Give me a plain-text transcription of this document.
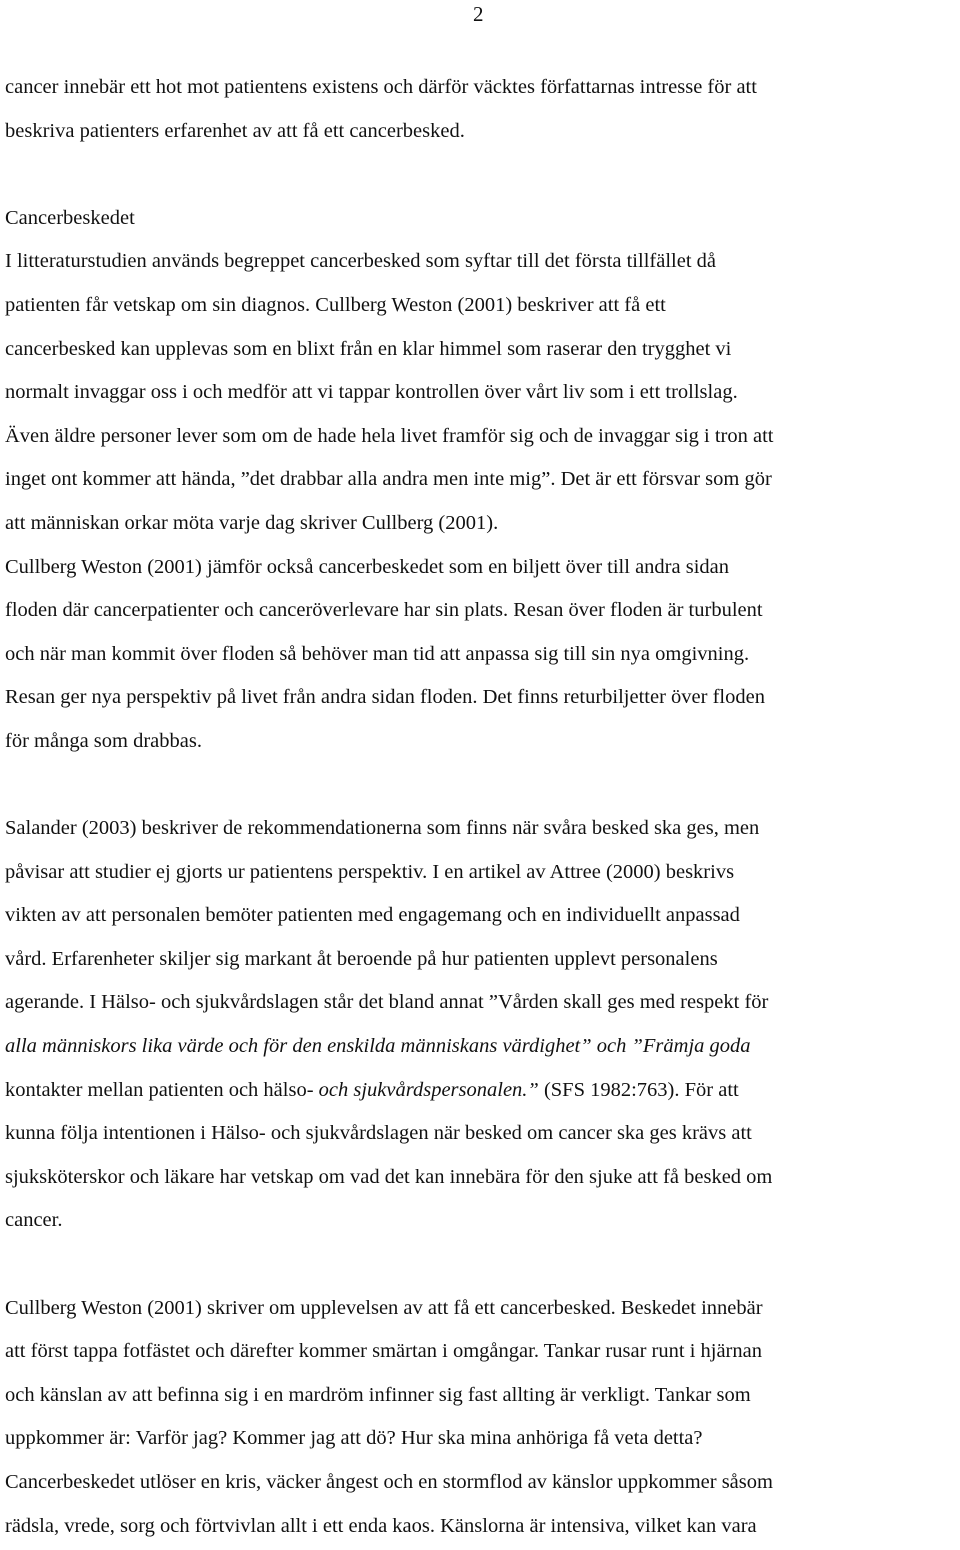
2
cancer innebär ett hot mot patientens existens och därför väcktes författarnas intresse för att
beskriva patienters erfarenhet av att få ett cancerbesked.
Cancerbeskedet
I litteraturstudien används begreppet cancerbesked som syftar till det första tillfället då
patienten får vetskap om sin diagnos. Cullberg Weston (2001) beskriver att få ett
cancerbesked kan upplevas som en blixt från en klar himmel som raserar den trygghet vi
normalt invaggar oss i och medför att vi tappar kontrollen över vårt liv som i ett trollslag.
Även äldre personer lever som om de hade hela livet framför sig och de invaggar sig i tron att
inget ont kommer att hända, ”det drabbar alla andra men inte mig”. Det är ett försvar som gör
att människan orkar möta varje dag skriver Cullberg (2001).
Cullberg Weston (2001) jämför också cancerbeskedet som en biljett över till andra sidan
floden där cancerpatienter och canceröverlevare har sin plats. Resan över floden är turbulent
och när man kommit över floden så behöver man tid att anpassa sig till sin nya omgivning.
Resan ger nya perspektiv på livet från andra sidan floden. Det finns returbiljetter över floden
för många som drabbas.
Salander (2003) beskriver de rekommendationerna som finns när svåra besked ska ges, men
påvisar att studier ej gjorts ur patientens perspektiv. I en artikel av Attree (2000) beskrivs
vikten av att personalen bemöter patienten med engagemang och en individuellt anpassad
vård. Erfarenheter skiljer sig markant åt beroende på hur patienten upplevt personalens
agerande. I Hälso- och sjukvårdslagen står det bland annat ”Vården skall ges med respekt för
alla människors lika värde och för den enskilda människans värdighet” och ”Främja goda
kontakter mellan patienten och hälso- och sjukvårdspersonalen.” (SFS 1982:763). För att
kunna följa intentionen i Hälso- och sjukvårdslagen när besked om cancer ska ges krävs att
sjuksköterskor och läkare har vetskap om vad det kan innebära för den sjuke att få besked om
cancer.
Cullberg Weston (2001) skriver om upplevelsen av att få ett cancerbesked. Beskedet innebär
att först tappa fotfästet och därefter kommer smärtan i omgångar. Tankar rusar runt i hjärnan
och känslan av att befinna sig i en mardröm infinner sig fast allting är verkligt. Tankar som
uppkommer är: Varför jag? Kommer jag att dö? Hur ska mina anhöriga få veta detta?
Cancerbeskedet utlöser en kris, väcker ångest och en stormflod av känslor uppkommer såsom
rädsla, vrede, sorg och förtvivlan allt i ett enda kaos. Känslorna är intensiva, vilket kan vara
